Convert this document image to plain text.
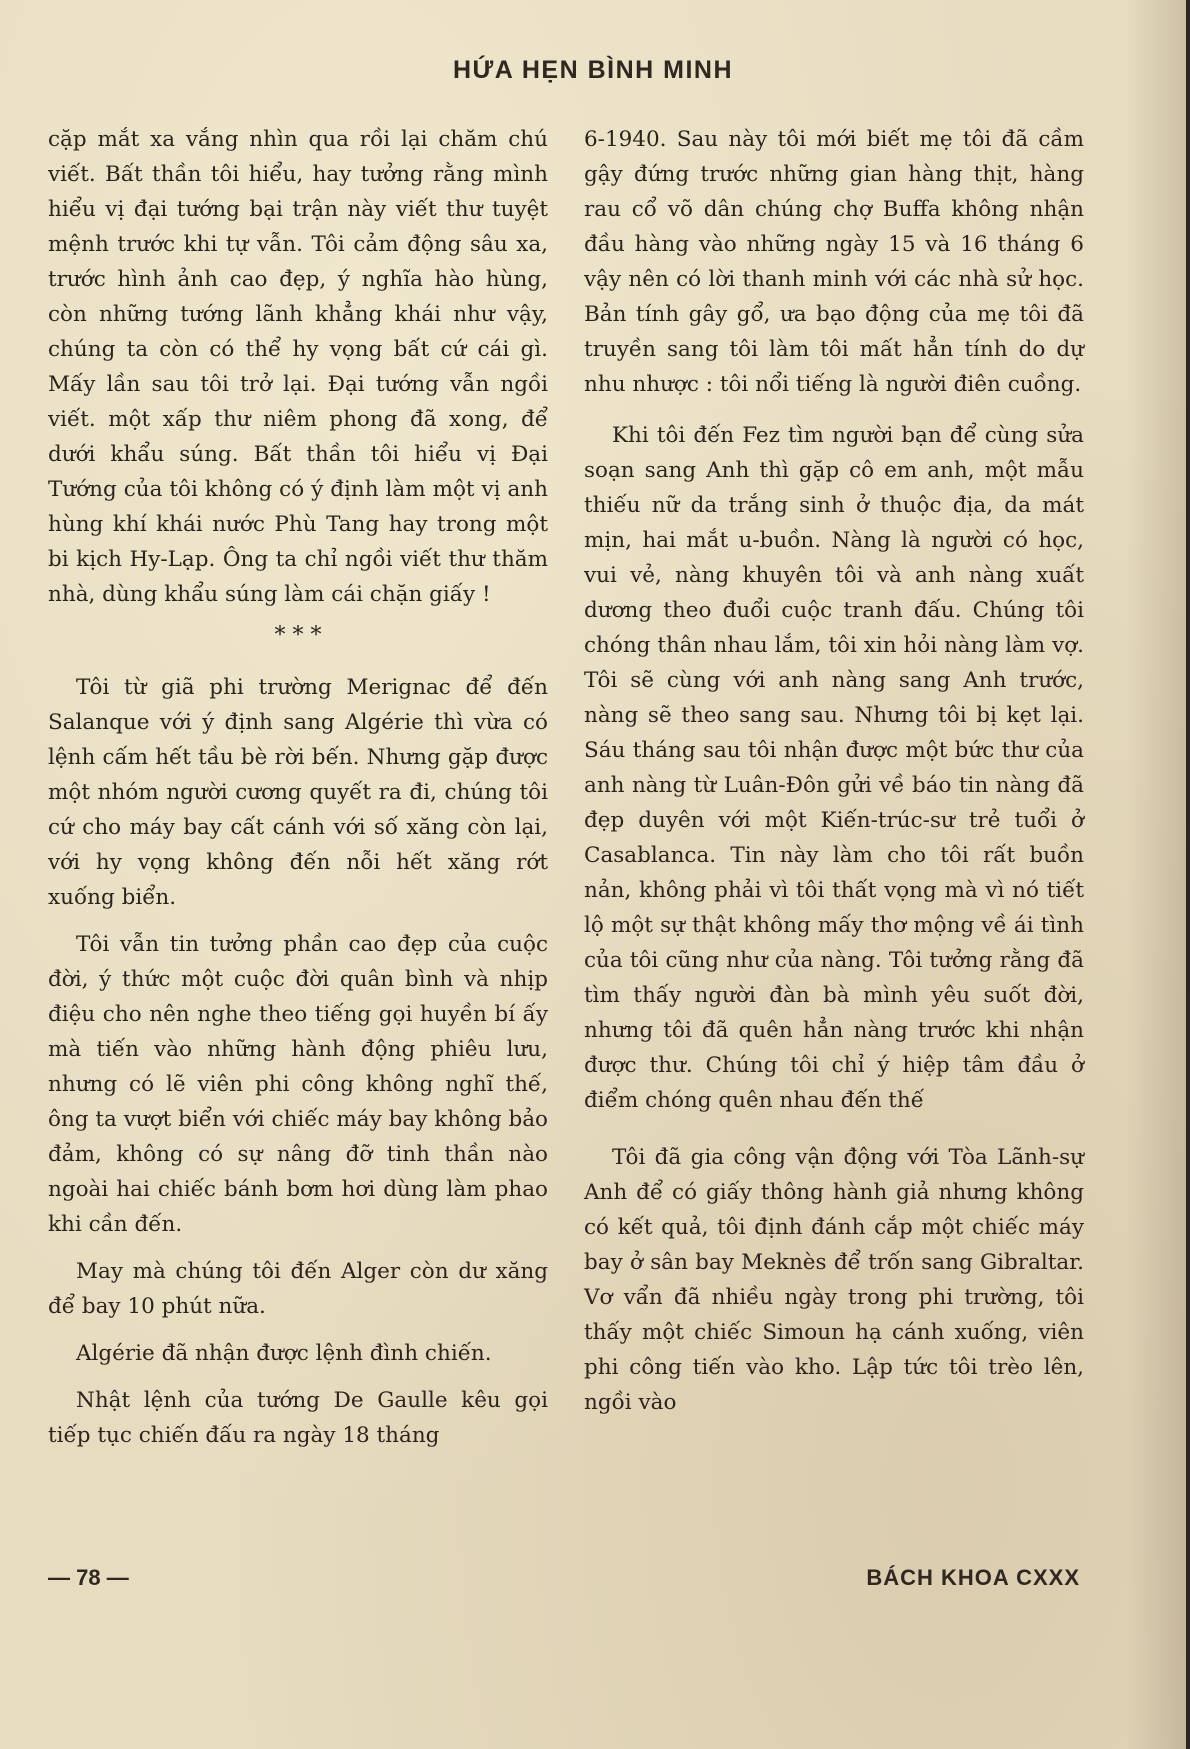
HỨA HẸN BÌNH MINH

cặp mắt xa vắng nhìn qua rồi lại chăm chú viết. Bất thần tôi hiểu, hay tưởng rằng mình hiểu vị đại tướng bại trận này viết thư tuyệt mệnh trước khi tự vẫn. Tôi cảm động sâu xa, trước hình ảnh cao đẹp, ý nghĩa hào hùng, còn những tướng lãnh khẳng khái như vậy, chúng ta còn có thể hy vọng bất cứ cái gì. Mấy lần sau tôi trở lại. Đại tướng vẫn ngồi viết. một xấp thư niêm phong đã xong, để dưới khẩu súng. Bất thần tôi hiểu vị Đại Tướng của tôi không có ý định làm một vị anh hùng khí khái nước Phù Tang hay trong một bi kịch Hy-Lạp. Ông ta chỉ ngồi viết thư thăm nhà, dùng khẩu súng làm cái chặn giấy !

* * *

Tôi từ giã phi trường Merignac để đến Salanque với ý định sang Algérie thì vừa có lệnh cấm hết tầu bè rời bến. Nhưng gặp được một nhóm người cương quyết ra đi, chúng tôi cứ cho máy bay cất cánh với số xăng còn lại, với hy vọng không đến nỗi hết xăng rớt xuống biển.

Tôi vẫn tin tưởng phần cao đẹp của cuộc đời, ý thức một cuộc đời quân bình và nhịp điệu cho nên nghe theo tiếng gọi huyền bí ấy mà tiến vào những hành động phiêu lưu, nhưng có lẽ viên phi công không nghĩ thế, ông ta vượt biển với chiếc máy bay không bảo đảm, không có sự nâng đỡ tinh thần nào ngoài hai chiếc bánh bơm hơi dùng làm phao khi cần đến.

May mà chúng tôi đến Alger còn dư xăng để bay 10 phút nữa.

Algérie đã nhận được lệnh đình chiến.

Nhật lệnh của tướng De Gaulle kêu gọi tiếp tục chiến đấu ra ngày 18 tháng

6-1940. Sau này tôi mới biết mẹ tôi đã cầm gậy đứng trước những gian hàng thịt, hàng rau cổ võ dân chúng chợ Buffa không nhận đầu hàng vào những ngày 15 và 16 tháng 6 vậy nên có lời thanh minh với các nhà sử học. Bản tính gây gổ, ưa bạo động của mẹ tôi đã truyền sang tôi làm tôi mất hẳn tính do dự nhu nhược : tôi nổi tiếng là người điên cuồng.

Khi tôi đến Fez tìm người bạn để cùng sửa soạn sang Anh thì gặp cô em anh, một mẫu thiếu nữ da trắng sinh ở thuộc địa, da mát mịn, hai mắt u-buồn. Nàng là người có học, vui vẻ, nàng khuyên tôi và anh nàng xuất dương theo đuổi cuộc tranh đấu. Chúng tôi chóng thân nhau lắm, tôi xin hỏi nàng làm vợ. Tôi sẽ cùng với anh nàng sang Anh trước, nàng sẽ theo sang sau. Nhưng tôi bị kẹt lại. Sáu tháng sau tôi nhận được một bức thư của anh nàng từ Luân-Đôn gửi về báo tin nàng đã đẹp duyên với một Kiến-trúc-sư trẻ tuổi ở Casablanca. Tin này làm cho tôi rất buồn nản, không phải vì tôi thất vọng mà vì nó tiết lộ một sự thật không mấy thơ mộng về ái tình của tôi cũng như của nàng. Tôi tưởng rằng đã tìm thấy người đàn bà mình yêu suốt đời, nhưng tôi đã quên hẳn nàng trước khi nhận được thư. Chúng tôi chỉ ý hiệp tâm đầu ở điểm chóng quên nhau đến thế

Tôi đã gia công vận động với Tòa Lãnh-sự Anh để có giấy thông hành giả nhưng không có kết quả, tôi định đánh cắp một chiếc máy bay ở sân bay Meknès để trốn sang Gibraltar. Vơ vẩn đã nhiều ngày trong phi trường, tôi thấy một chiếc Simoun hạ cánh xuống, viên phi công tiến vào kho. Lập tức tôi trèo lên, ngồi vào

— 78 —	BÁCH KHOA CXXX
